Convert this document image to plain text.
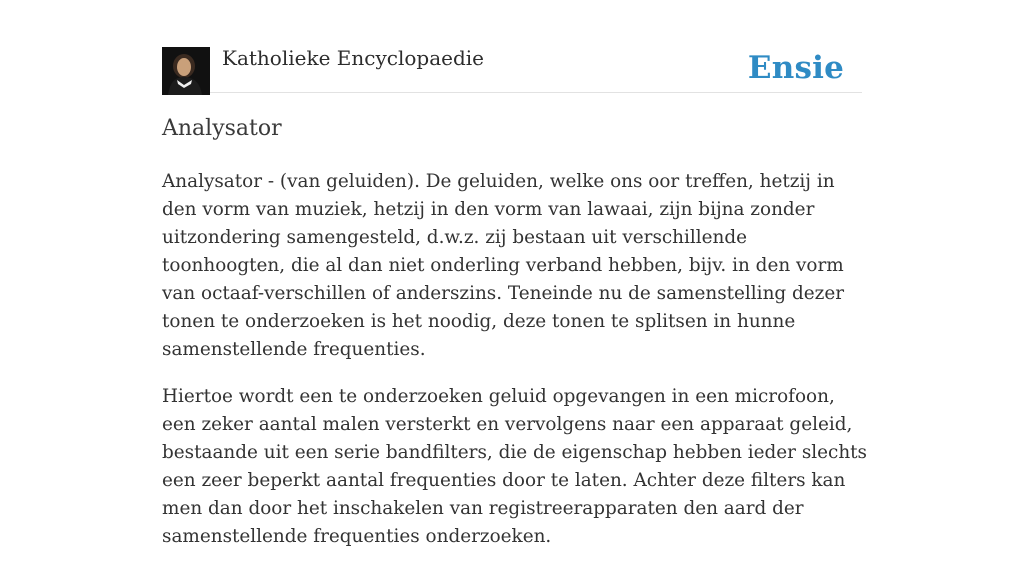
Katholieke Encyclopaedie	Ensie
Analysator

Analysator - (van geluiden). De geluiden, welke ons oor treffen, hetzij in den vorm van muziek, hetzij in den vorm van lawaai, zijn bijna zonder uitzondering samengesteld, d.w.z. zij bestaan uit verschillende toonhoogten, die al dan niet onderling verband hebben, bijv. in den vorm van octaaf-verschillen of anderszins. Teneinde nu de samenstelling dezer tonen te onderzoeken is het noodig, deze tonen te splitsen in hunne samenstellende frequenties.

Hiertoe wordt een te onderzoeken geluid opgevangen in een microfoon, een zeker aantal malen versterkt en vervolgens naar een apparaat geleid, bestaande uit een serie bandfilters, die de eigenschap hebben ieder slechts een zeer beperkt aantal frequenties door te laten. Achter deze filters kan men dan door het inschakelen van registreerapparaten den aard der samenstellende frequenties onderzoeken.
